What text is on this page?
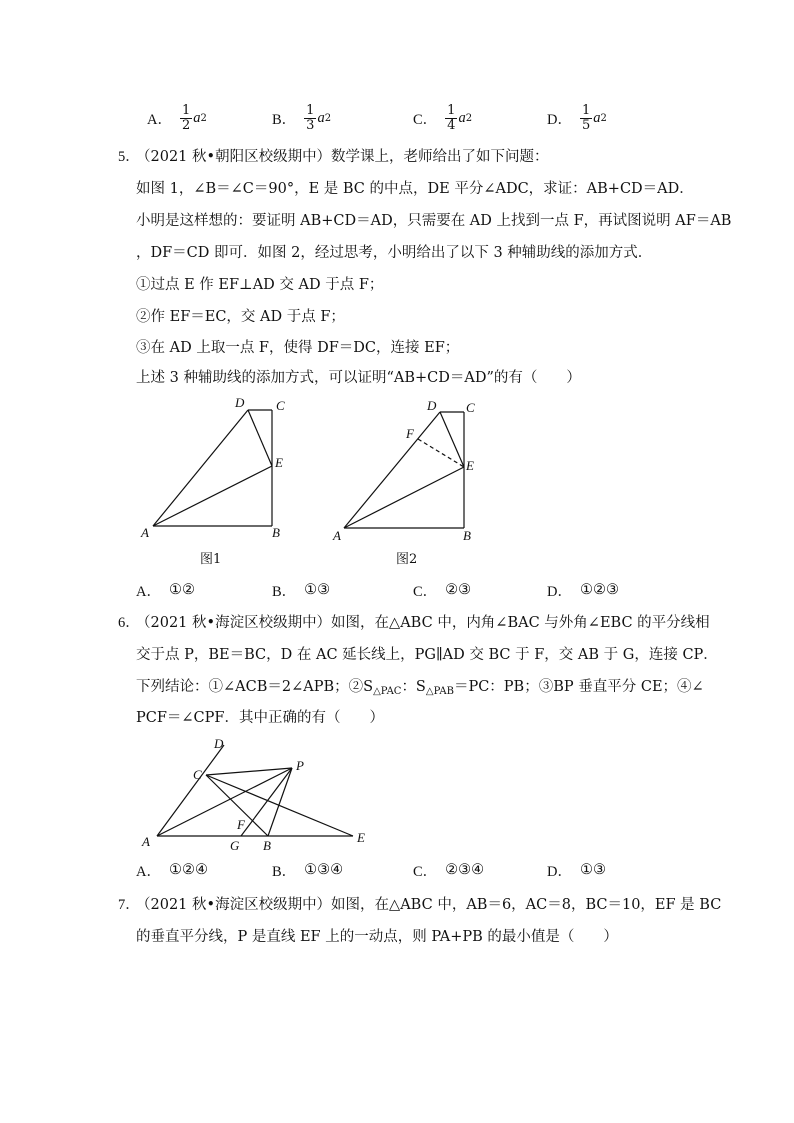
A． $\frac{1}{2}$ a 2	B． $\frac{1}{3}$ a 2	C． $\frac{1}{4}$ a 2	D． $\frac{1}{5}$ a 2
5．
（2021 秋•朝阳区校级期中）数学课上，老师给出了如下问题：
如图 1，∠B＝∠C＝90°，E 是 BC 的中点，DE 平分∠ADC，求证：AB+CD＝AD．
小明是这样想的：要证明 AB+CD＝AD，只需要在 AD 上找到一点 F，再试图说明 AF＝AB
，DF＝CD 即可．如图 2，经过思考，小明给出了以下 3 种辅助线的添加方式．
①过点 E 作 EF⊥AD 交 AD 于点 F；
②作 EF＝EC，交 AD 于点 F；
③在 AD 上取一点 F，使得 DF＝DC，连接 EF；
上述 3 种辅助线的添加方式，可以证明“AB+CD＝AD”的有（　　）
D C
E
A	B
图1
D C
F
E
A	B
图2
A． ①②	B． ①③	C． ②③	D． ①②③
6．
（2021 秋•海淀区校级期中）如图，在△ABC 中，内角∠BAC 与外角∠EBC 的平分线相
交于点 P，BE＝BC，D 在 AC 延长线上，PG∥AD 交 BC 于 F，交 AB 于 G，连接 CP．
下列结论：①∠ACB＝2∠APB；$②S_{\triangle PAC}$：$S_{\triangle PAB}=PC$：PB；③BP 垂直平分 CE；④∠
PCF＝∠CPF．其中正确的有（　　）
D
C
P
F
A	G B
E
A． ①②④	B． ①③④	C． ②③④	D． ①③
7．
（2021 秋•海淀区校级期中）如图，在△ABC 中，AB＝6，AC＝8，BC＝10，EF 是 BC
的垂直平分线，P 是直线 EF 上的一动点，则 PA+PB 的最小值是（　　）
